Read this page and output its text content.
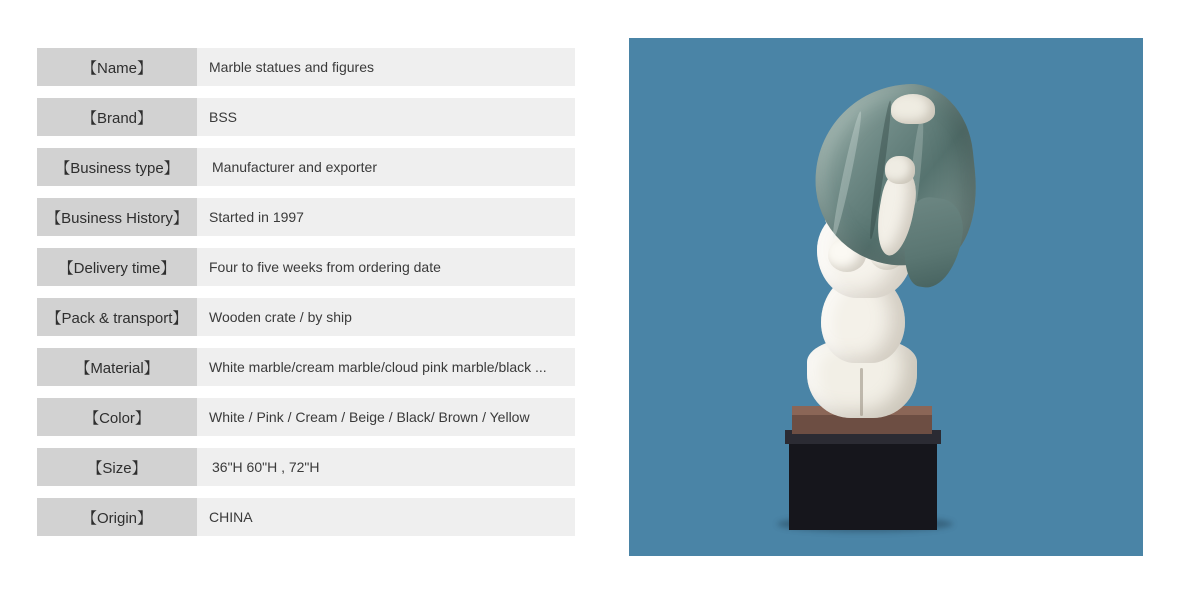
【Name】	Marble statues and figures
【Brand】	BSS
【Business type】	Manufacturer and exporter
【Business History】	Started in 1997
【Delivery time】	Four to five weeks from ordering date
【Pack & transport】	Wooden crate / by ship
【Material】	White marble/cream marble/cloud pink marble/black ...
【Color】	White / Pink / Cream / Beige / Black/ Brown / Yellow
【Size】	36"H 60"H , 72"H
【Origin】	CHINA
